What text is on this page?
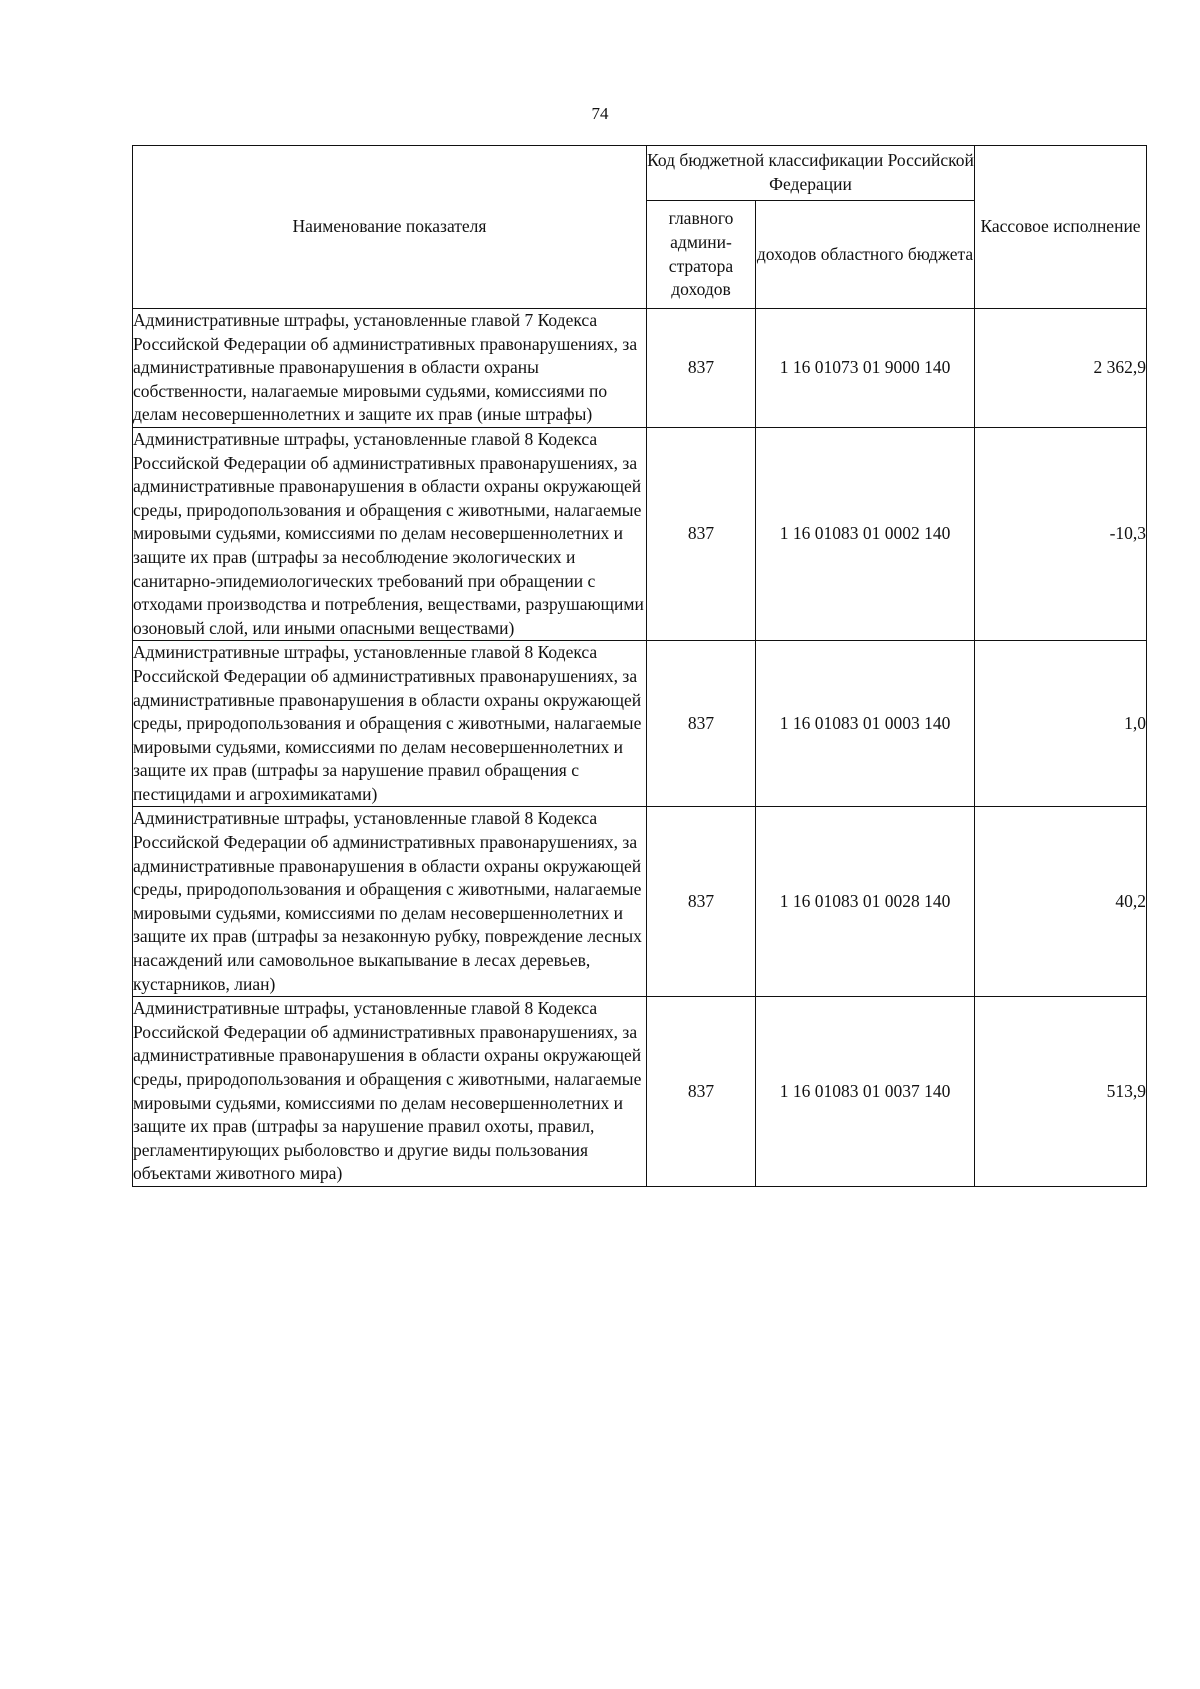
74
Наименование показателя	Код бюджетной классификации Российской Федерации		Кассовое исполнение
	главного админи- стратора доходов	доходов областного бюджета	
Административные штрафы, установленные главой 7 Кодекса Российской Федерации об административных правонарушениях, за административные правонарушения в области охраны собственности, налагаемые мировыми судьями, комиссиями по делам несовершеннолетних и защите их прав (иные штрафы)	837	1 16 01073 01 9000 140	2 362,9
Административные штрафы, установленные главой 8 Кодекса Российской Федерации об административных правонарушениях, за административные правонарушения в области охраны окружающей среды, природопользования и обращения с животными, налагаемые мировыми судьями, комиссиями по делам несовершеннолетних и защите их прав (штрафы за несоблюдение экологических и санитарно-эпидемиологических требований при обращении с отходами производства и потребления, веществами, разрушающими озоновый слой, или иными опасными веществами)	837	1 16 01083 01 0002 140	-10,3
Административные штрафы, установленные главой 8 Кодекса Российской Федерации об административных правонарушениях, за административные правонарушения в области охраны окружающей среды, природопользования и обращения с животными, налагаемые мировыми судьями, комиссиями по делам несовершеннолетних и защите их прав (штрафы за нарушение правил обращения с пестицидами и агрохимикатами)	837	1 16 01083 01 0003 140	1,0
Административные штрафы, установленные главой 8 Кодекса Российской Федерации об административных правонарушениях, за административные правонарушения в области охраны окружающей среды, природопользования и обращения с животными, налагаемые мировыми судьями, комиссиями по делам несовершеннолетних и защите их прав (штрафы за незаконную рубку, повреждение лесных насаждений или самовольное выкапывание в лесах деревьев, кустарников, лиан)	837	1 16 01083 01 0028 140	40,2
Административные штрафы, установленные главой 8 Кодекса Российской Федерации об административных правонарушениях, за административные правонарушения в области охраны окружающей среды, природопользования и обращения с животными, налагаемые мировыми судьями, комиссиями по делам несовершеннолетних и защите их прав (штрафы за нарушение правил охоты, правил, регламентирующих рыболовство и другие виды пользования объектами животного мира)	837	1 16 01083 01 0037 140	513,9
